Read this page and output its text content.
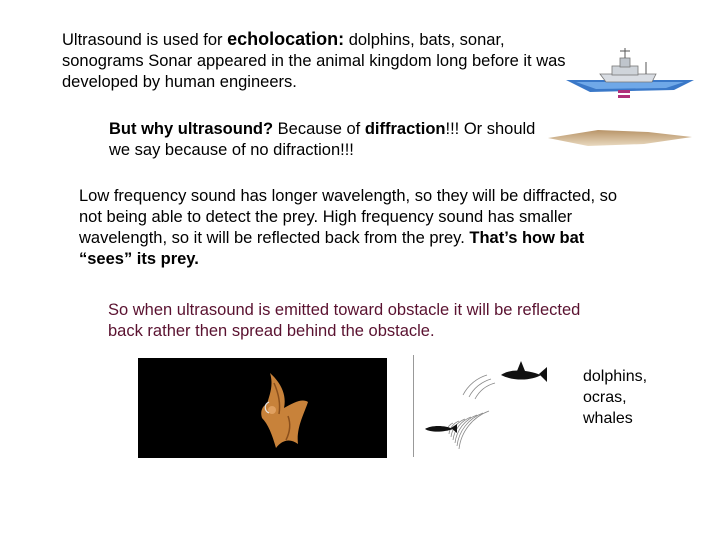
Ultrasound is used for echolocation: dolphins, bats, sonar, sonograms Sonar appeared in the animal kingdom long before it was developed by human engineers.
But why ultrasound? Because of diffraction!!! Or should we say because of no difraction!!!
Low frequency sound has longer wavelength, so they will be diffracted, so not being able to detect the prey. High frequency sound has smaller wavelength, so it will be reflected back from the prey. That’s how bat “sees” its prey.
So when ultrasound is emitted toward obstacle it will be reflected back rather then spread behind the obstacle.
dolphins,
ocras,
whales
